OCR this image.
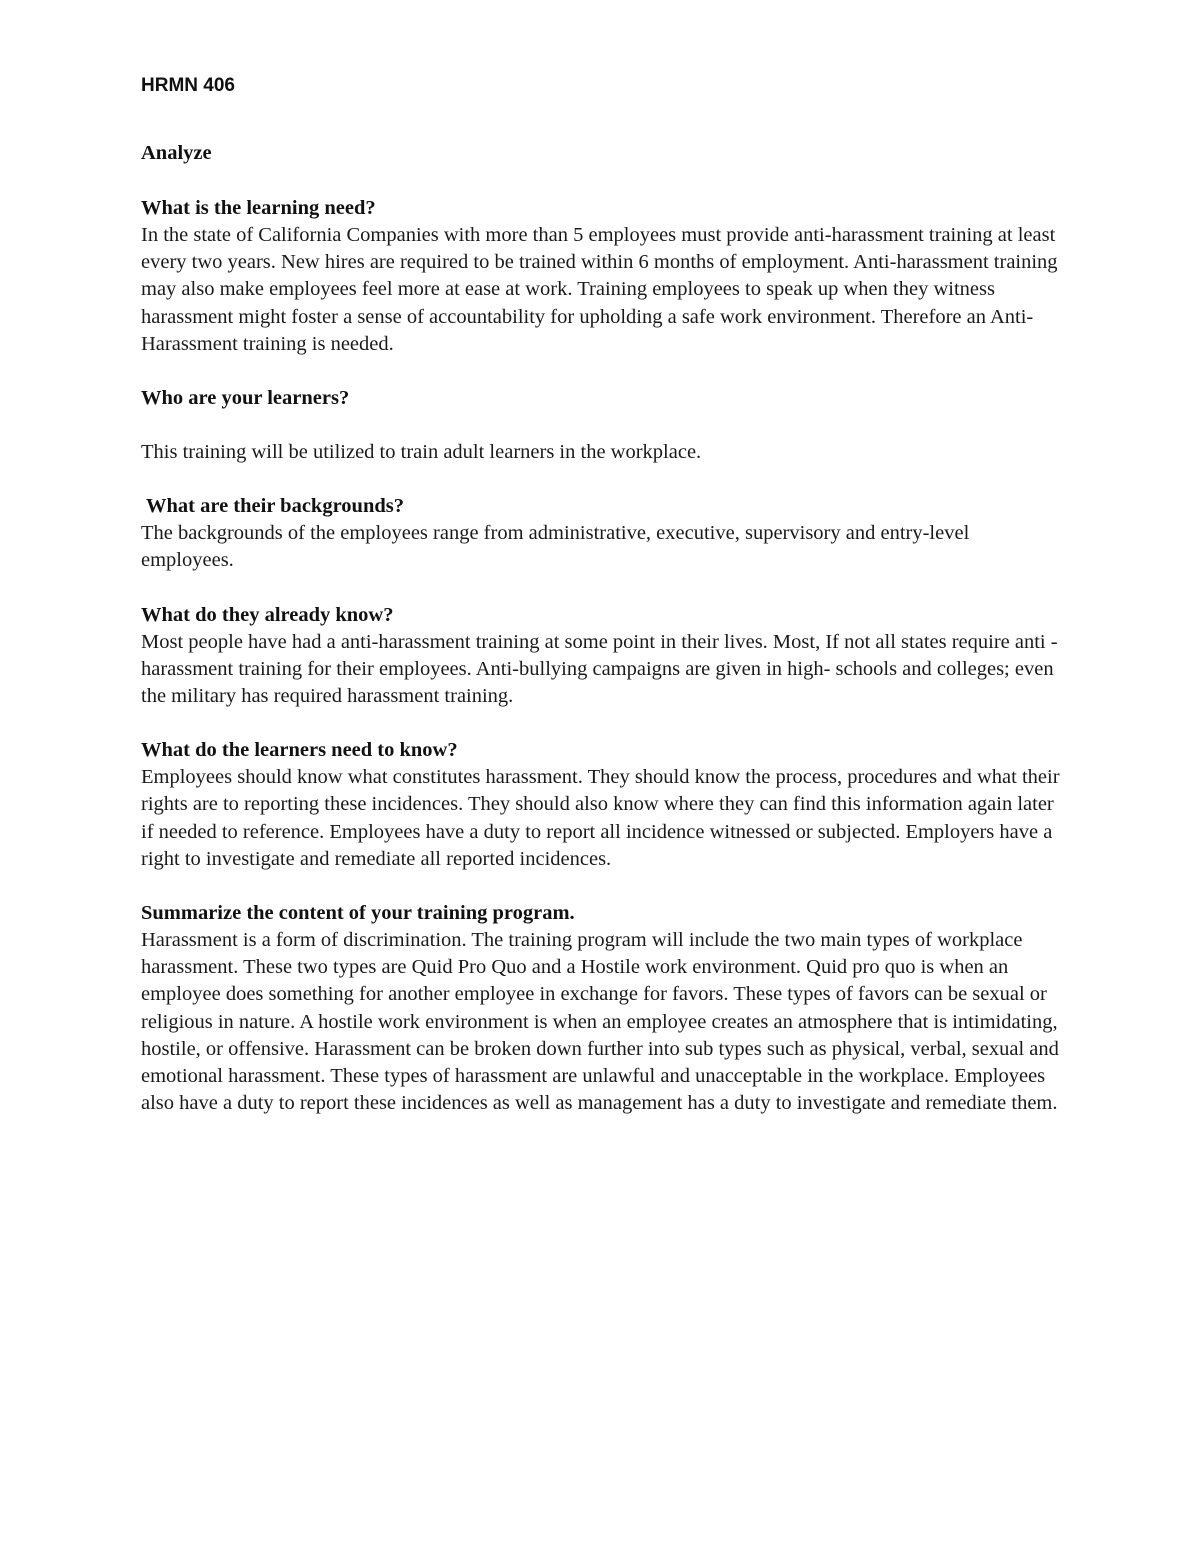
HRMN 406

Analyze

What is the learning need?

In the state of California Companies with more than 5 employees must provide anti-harassment training at least every two years. New hires are required to be trained within 6 months of employment. Anti-harassment training may also make employees feel more at ease at work. Training employees to speak up when they witness harassment might foster a sense of accountability for upholding a safe work environment. Therefore an Anti-Harassment training is needed.

Who are your learners?

This training will be utilized to train adult learners in the workplace.

What are their backgrounds?

The backgrounds of the employees range from administrative, executive, supervisory and entry-level employees.

What do they already know?

Most people have had a anti-harassment training at some point in their lives. Most, If not all states require anti -harassment training for their employees. Anti-bullying campaigns are given in high- schools and colleges; even the military has required harassment training.

What do the learners need to know?

Employees should know what constitutes harassment. They should know the process, procedures and what their rights are to reporting these incidences. They should also know where they can find this information again later if needed to reference. Employees have a duty to report all incidence witnessed or subjected. Employers have a right to investigate and remediate all reported incidences.

Summarize the content of your training program.

Harassment is a form of discrimination. The training program will include the two main types of workplace harassment. These two types are Quid Pro Quo and a Hostile work environment. Quid pro quo is when an employee does something for another employee in exchange for favors. These types of favors can be sexual or religious in nature. A hostile work environment is when an employee creates an atmosphere that is intimidating, hostile, or offensive. Harassment can be broken down further into sub types such as physical, verbal, sexual and emotional harassment. These types of harassment are unlawful and unacceptable in the workplace. Employees also have a duty to report these incidences as well as management has a duty to investigate and remediate them.
